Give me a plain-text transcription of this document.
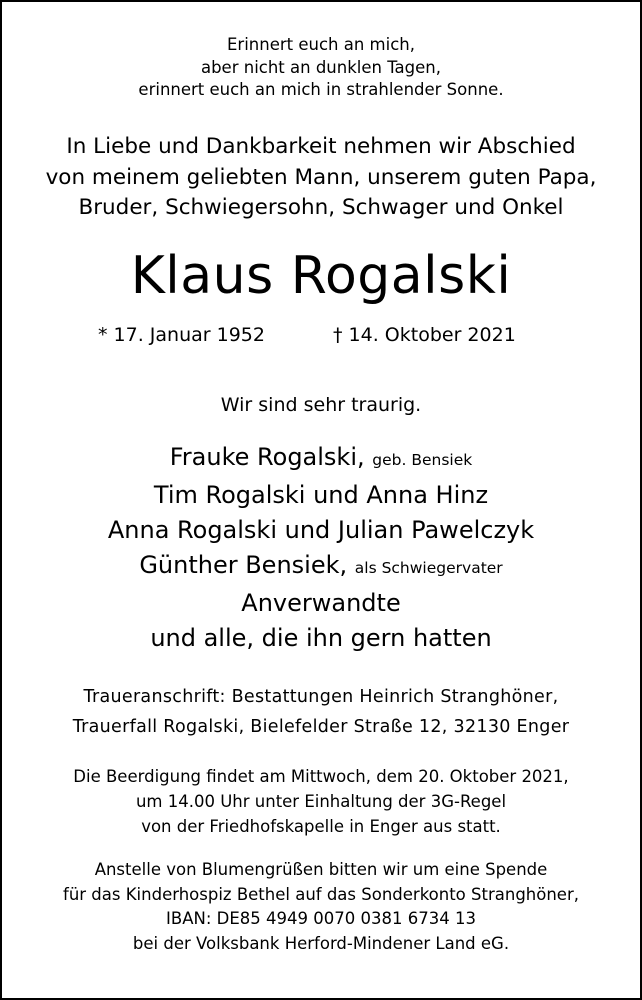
Erinnert euch an mich,
aber nicht an dunklen Tagen,
erinnert euch an mich in strahlender Sonne.
In Liebe und Dankbarkeit nehmen wir Abschied
von meinem geliebten Mann, unserem guten Papa,
Bruder, Schwiegersohn, Schwager und Onkel
Klaus Rogalski
* 17. Januar 1952	† 14. Oktober 2021
Wir sind sehr traurig.
Frauke Rogalski, geb. Bensiek
Tim Rogalski und Anna Hinz
Anna Rogalski und Julian Pawelczyk
Günther Bensiek, als Schwiegervater
Anverwandte
und alle, die ihn gern hatten
Traueranschrift: Bestattungen Heinrich Stranghöner,
Trauerfall Rogalski, Bielefelder Straße 12, 32130 Enger
Die Beerdigung findet am Mittwoch, dem 20. Oktober 2021,
um 14.00 Uhr unter Einhaltung der 3G-Regel
von der Friedhofskapelle in Enger aus statt.
Anstelle von Blumengrüßen bitten wir um eine Spende
für das Kinderhospiz Bethel auf das Sonderkonto Stranghöner,
IBAN: DE85 4949 0070 0381 6734 13
bei der Volksbank Herford-Mindener Land eG.
